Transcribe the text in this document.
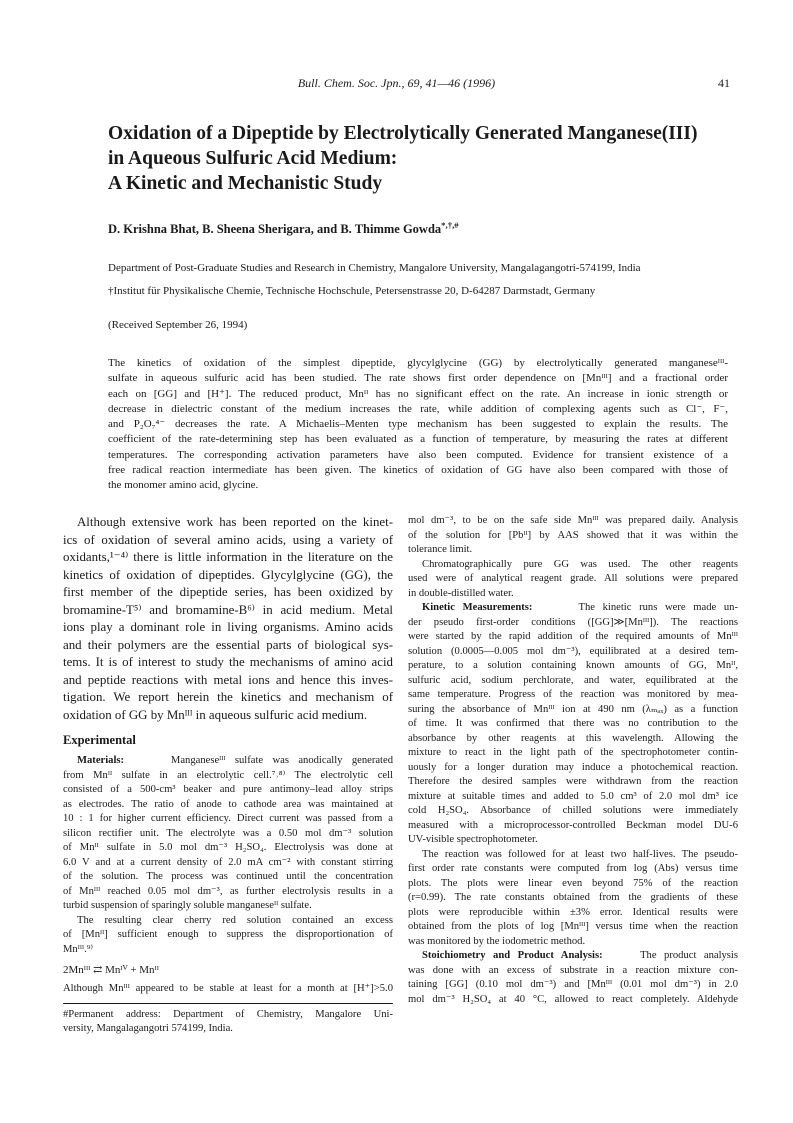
Bull. Chem. Soc. Jpn., 69, 41—46 (1996)	41
Oxidation of a Dipeptide by Electrolytically Generated Manganese(III)
in Aqueous Sulfuric Acid Medium:
A Kinetic and Mechanistic Study

D. Krishna Bhat, B. Sheena Sherigara, and B. Thimme Gowda*,†,#

Department of Post-Graduate Studies and Research in Chemistry, Mangalore University, Mangalagangotri-574199, India

†Institut für Physikalische Chemie, Technische Hochschule, Petersenstrasse 20, D-64287 Darmstadt, Germany

(Received September 26, 1994)

The kinetics of oxidation of the simplest dipeptide, glycylglycine (GG) by electrolytically generated manganeseᴵᴵᴵ-
sulfate in aqueous sulfuric acid has been studied. The rate shows first order dependence on [Mnᴵᴵᴵ] and a fractional order
each on [GG] and [H⁺]. The reduced product, Mnᴵᴵ has no significant effect on the rate. An increase in ionic strength or
decrease in dielectric constant of the medium increases the rate, while addition of complexing agents such as Cl⁻, F⁻,
and P₂O₇⁴⁻ decreases the rate. A Michaelis–Menten type mechanism has been suggested to explain the results. The
coefficient of the rate-determining step has been evaluated as a function of temperature, by measuring the rates at different
temperatures. The corresponding activation parameters have also been computed. Evidence for transient existence of a
free radical reaction intermediate has been given. The kinetics of oxidation of GG have also been compared with those of
the monomer amino acid, glycine.

Although extensive work has been reported on the kinet-
ics of oxidation of several amino acids, using a variety of
oxidants,¹⁻⁴⁾ there is little information in the literature on the
kinetics of oxidation of dipeptides. Glycylglycine (GG), the
first member of the dipeptide series, has been oxidized by
bromamine-T⁵⁾ and bromamine-B⁶⁾ in acid medium. Metal
ions play a dominant role in living organisms. Amino acids
and their polymers are the essential parts of biological sys-
tems. It is of interest to study the mechanisms of amino acid
and peptide reactions with metal ions and hence this inves-
tigation. We report herein the kinetics and mechanism of
oxidation of GG by Mnᴵᴵᴵ in aqueous sulfuric acid medium.

Experimental

Materials:	Manganeseᴵᴵᴵ sulfate was anodically generated
from Mnᴵᴵ sulfate in an electrolytic cell.⁷˒⁸⁾ The electrolytic cell
consisted of a 500-cm³ beaker and pure antimony–lead alloy strips
as electrodes. The ratio of anode to cathode area was maintained at
10 : 1 for higher current efficiency. Direct current was passed from a
silicon rectifier unit. The electrolyte was a 0.50 mol dm⁻³ solution
of Mnᴵᴵ sulfate in 5.0 mol dm⁻³ H₂SO₄. Electrolysis was done at
6.0 V and at a current density of 2.0 mA cm⁻² with constant stirring
of the solution. The process was continued until the concentration
of Mnᴵᴵᴵ reached 0.05 mol dm⁻³, as further electrolysis results in a
turbid suspension of sparingly soluble manganeseᴵᴵ sulfate.

The resulting clear cherry red solution contained an excess
of [Mnᴵᴵ] sufficient enough to suppress the disproportionation of
Mnᴵᴵᴵ.⁹⁾

2Mnᴵᴵᴵ ⇄ Mnᴵⱽ + Mnᴵᴵ

Although Mnᴵᴵᴵ appeared to be stable at least for a month at [H⁺]>5.0

#Permanent address: Department of Chemistry, Mangalore Uni-
versity, Mangalagangotri 574199, India.

mol dm⁻³, to be on the safe side Mnᴵᴵᴵ was prepared daily. Analysis
of the solution for [Pbᴵᴵ] by AAS showed that it was within the
tolerance limit.

Chromatographically pure GG was used. The other reagents
used were of analytical reagent grade. All solutions were prepared
in double-distilled water.

Kinetic Measurements:	The kinetic runs were made un-
der pseudo first-order conditions ([GG]≫[Mnᴵᴵᴵ]). The reactions
were started by the rapid addition of the required amounts of Mnᴵᴵᴵ
solution (0.0005—0.005 mol dm⁻³), equilibrated at a desired tem-
perature, to a solution containing known amounts of GG, Mnᴵᴵ,
sulfuric acid, sodium perchlorate, and water, equilibrated at the
same temperature. Progress of the reaction was monitored by mea-
suring the absorbance of Mnᴵᴵᴵ ion at 490 nm (λₘₐₓ) as a function
of time. It was confirmed that there was no contribution to the
absorbance by other reagents at this wavelength. Allowing the
mixture to react in the light path of the spectrophotometer contin-
uously for a longer duration may induce a photochemical reaction.
Therefore the desired samples were withdrawn from the reaction
mixture at suitable times and added to 5.0 cm³ of 2.0 mol dm³ ice
cold H₂SO₄. Absorbance of chilled solutions were immediately
measured with a microprocessor-controlled Beckman model DU-6
UV-visible spectrophotometer.

The reaction was followed for at least two half-lives. The pseudo-
first order rate constants were computed from log (Abs) versus time
plots. The plots were linear even beyond 75% of the reaction
(r=0.99). The rate constants obtained from the gradients of these
plots were reproducible within ±3% error. Identical results were
obtained from the plots of log [Mnᴵᴵᴵ] versus time when the reaction
was monitored by the iodometric method.

Stoichiometry and Product Analysis:	The product analysis
was done with an excess of substrate in a reaction mixture con-
taining [GG] (0.10 mol dm⁻³) and [Mnᴵᴵᴵ (0.01 mol dm⁻³) in 2.0
mol dm⁻³ H₂SO₄ at 40 °C, allowed to react completely. Aldehyde
